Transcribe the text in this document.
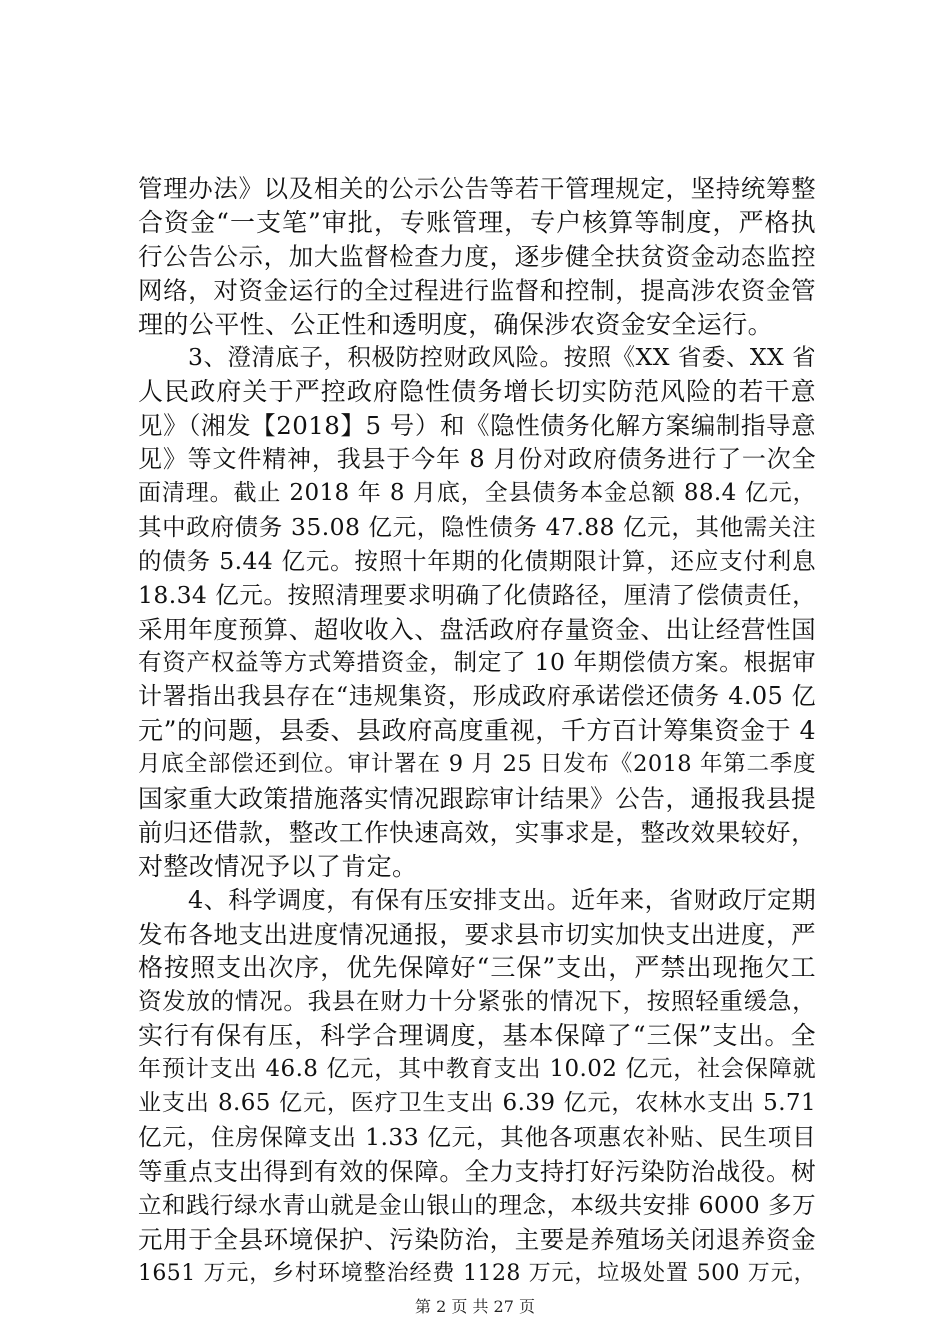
管理办法》以及相关的公示公告等若干管理规定，坚持统筹整
合资金“一支笔”审批，专账管理，专户核算等制度，严格执
行公告公示，加大监督检查力度，逐步健全扶贫资金动态监控
网络，对资金运行的全过程进行监督和控制，提高涉农资金管
理的公平性、公正性和透明度，确保涉农资金安全运行。
3、澄清底子，积极防控财政风险。按照《XX 省委、XX 省
人民政府关于严控政府隐性债务增长切实防范风险的若干意
见》（湘发【2018】5 号）和《隐性债务化解方案编制指导意
见》等文件精神，我县于今年 8 月份对政府债务进行了一次全
面清理。截止 2018 年 8 月底，全县债务本金总额 88.4 亿元，
其中政府债务 35.08 亿元，隐性债务 47.88 亿元，其他需关注
的债务 5.44 亿元。按照十年期的化债期限计算，还应支付利息
18.34 亿元。按照清理要求明确了化债路径，厘清了偿债责任，
采用年度预算、超收收入、盘活政府存量资金、出让经营性国
有资产权益等方式筹措资金，制定了 10 年期偿债方案。根据审
计署指出我县存在“违规集资，形成政府承诺偿还债务 4.05 亿
元”的问题，县委、县政府高度重视，千方百计筹集资金于 4
月底全部偿还到位。审计署在 9 月 25 日发布《2018 年第二季度
国家重大政策措施落实情况跟踪审计结果》公告，通报我县提
前归还借款，整改工作快速高效，实事求是，整改效果较好，
对整改情况予以了肯定。
4、科学调度，有保有压安排支出。近年来，省财政厅定期
发布各地支出进度情况通报，要求县市切实加快支出进度，严
格按照支出次序，优先保障好“三保”支出，严禁出现拖欠工
资发放的情况。我县在财力十分紧张的情况下，按照轻重缓急，
实行有保有压，科学合理调度，基本保障了“三保”支出。全
年预计支出 46.8 亿元，其中教育支出 10.02 亿元，社会保障就
业支出 8.65 亿元，医疗卫生支出 6.39 亿元，农林水支出 5.71
亿元，住房保障支出 1.33 亿元，其他各项惠农补贴、民生项目
等重点支出得到有效的保障。全力支持打好污染防治战役。树
立和践行绿水青山就是金山银山的理念，本级共安排 6000 多万
元用于全县环境保护、污染防治，主要是养殖场关闭退养资金
1651 万元，乡村环境整治经费 1128 万元，垃圾处置 500 万元，
第 2 页 共 27 页
